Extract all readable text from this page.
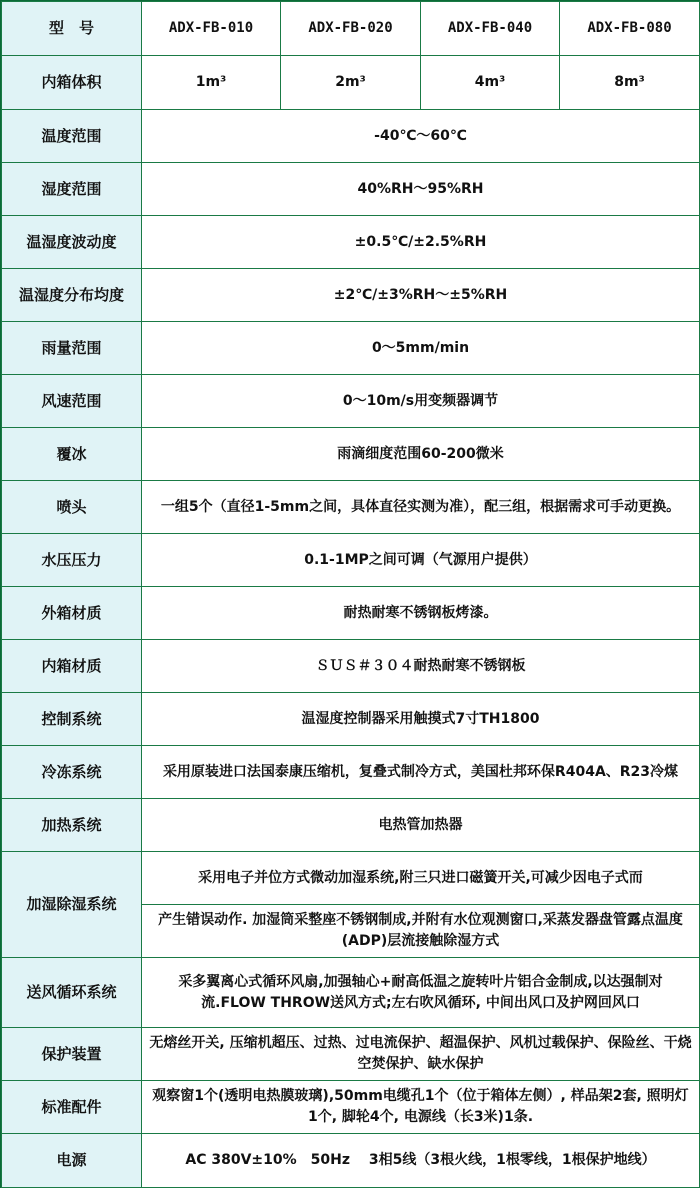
型　号	ADX-FB-010	ADX-FB-020	ADX-FB-040	ADX-FB-080
内箱体积	1m³	2m³	4m³	8m³
温度范围	-40℃～60℃			
湿度范围	40%RH～95%RH			
温湿度波动度	±0.5℃/±2.5%RH			
温湿度分布均度	±2℃/±3%RH～±5%RH			
雨量范围	0～5mm/min			
风速范围	0～10m/s用变频器调节			
覆冰	雨滴细度范围60-200微米			
喷头	一组5个（直径1-5mm之间，具体直径实测为准），配三组，根据需求可手动更换。			
水压压力	0.1-1MP之间可调（气源用户提供）			
外箱材质	耐热耐寒不锈钢板烤漆。			
内箱材质	ＳＵＳ＃３０４耐热耐寒不锈钢板			
控制系统	温湿度控制器采用触摸式7寸TH1800			
冷冻系统	采用原装进口法国泰康压缩机，复叠式制冷方式，美国杜邦环保R404A、R23冷煤			
加热系统	电热管加热器			
加湿除湿系统	采用电子并位方式微动加湿系统,附三只进口磁簧开关,可减少因电子式而			
	产生错误动作. 加湿筒采整座不锈钢制成,并附有水位观测窗口,采蒸发器盘管露点温度(ADP)层流接触除湿方式			
送风循环系统	采多翼离心式循环风扇,加强轴心+耐高低温之旋转叶片铝合金制成,以达强制对流.FLOW THROW送风方式;左右吹风循环, 中间出风口及护网回风口			
保护装置	无熔丝开关, 压缩机超压、过热、过电流保护、超温保护、风机过载保护、保险丝、干烧空焚保护、缺水保护			
标准配件	观察窗1个(透明电热膜玻璃),50mm电缆孔1个（位于箱体左侧）, 样品架2套, 照明灯1个, 脚轮4个, 电源线（长3米)1条.			
电源	AC 380V±10%　50Hz　 3相5线（3根火线，1根零线，1根保护地线）			
